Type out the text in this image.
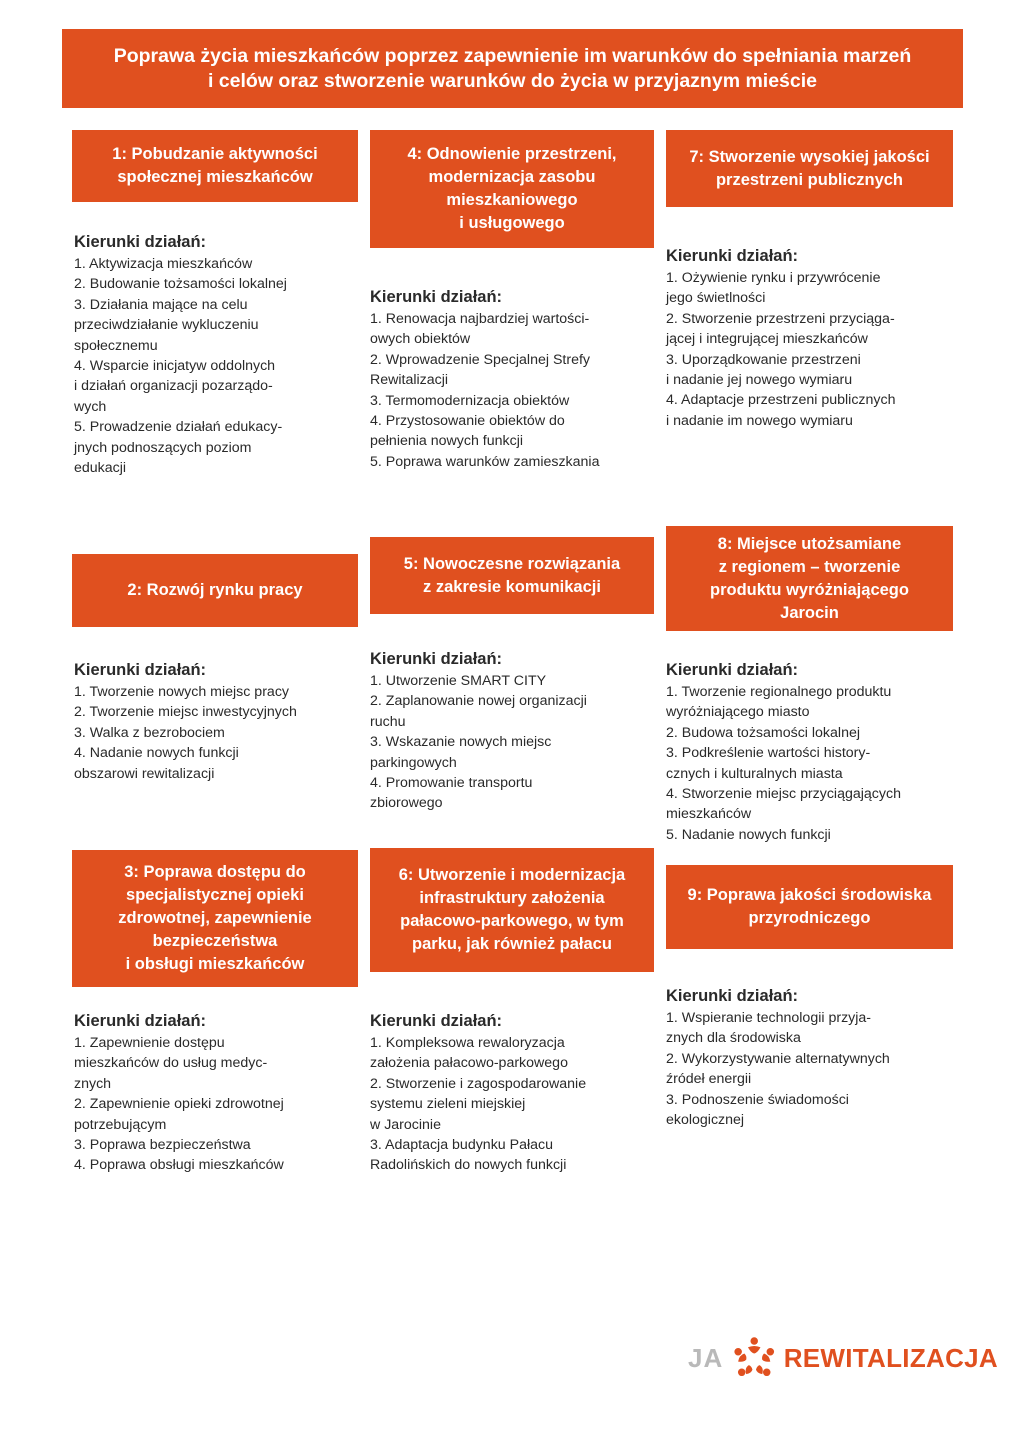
Poprawa życia mieszkańców poprzez zapewnienie im warunków do spełniania marzeń
i celów oraz stworzenie warunków do życia w przyjaznym mieście
1: Pobudzanie aktywności
społecznej mieszkańców
Kierunki działań:
1. Aktywizacja mieszkańców
2. Budowanie tożsamości lokalnej
3. Działania mające na celu
przeciwdziałanie wykluczeniu
społecznemu
4. Wsparcie inicjatyw oddolnych
i działań organizacji pozarządo-
wych
5. Prowadzenie działań edukacy-
jnych podnoszących poziom
edukacji
2: Rozwój rynku pracy
Kierunki działań:
1. Tworzenie nowych miejsc pracy
2. Tworzenie miejsc inwestycyjnych
3. Walka z bezrobociem
4. Nadanie nowych funkcji
obszarowi rewitalizacji
3: Poprawa dostępu do
specjalistycznej opieki
zdrowotnej, zapewnienie
bezpieczeństwa
i obsługi mieszkańców
Kierunki działań:
1. Zapewnienie dostępu
mieszkańców do usług medyc-
znych
2. Zapewnienie opieki zdrowotnej
potrzebującym
3. Poprawa bezpieczeństwa
4. Poprawa obsługi mieszkańców
4: Odnowienie przestrzeni,
modernizacja zasobu
mieszkaniowego
i usługowego
Kierunki działań:
1. Renowacja najbardziej wartości-
owych obiektów
2. Wprowadzenie Specjalnej Strefy
Rewitalizacji
3. Termomodernizacja obiektów
4. Przystosowanie obiektów do
pełnienia nowych funkcji
5. Poprawa warunków zamieszkania
5: Nowoczesne rozwiązania
z zakresie komunikacji
Kierunki działań:
1. Utworzenie SMART CITY
2. Zaplanowanie nowej organizacji
ruchu
3. Wskazanie nowych miejsc
parkingowych
4. Promowanie transportu
zbiorowego
6: Utworzenie i modernizacja
infrastruktury założenia
pałacowo-parkowego, w tym
parku, jak również pałacu
Kierunki działań:
1. Kompleksowa rewaloryzacja
założenia pałacowo-parkowego
2. Stworzenie i zagospodarowanie
systemu zieleni miejskiej
w Jarocinie
3. Adaptacja budynku Pałacu
Radolińskich do nowych funkcji
7: Stworzenie wysokiej jakości
przestrzeni publicznych
Kierunki działań:
1. Ożywienie rynku i przywrócenie
jego świetlności
2. Stworzenie przestrzeni przyciąga-
jącej i integrującej mieszkańców
3. Uporządkowanie przestrzeni
i nadanie jej nowego wymiaru
4. Adaptacje przestrzeni publicznych
i nadanie im nowego wymiaru
8: Miejsce utożsamiane
z regionem – tworzenie
produktu wyróżniającego
Jarocin
Kierunki działań:
1. Tworzenie regionalnego produktu
wyróżniającego miasto
2. Budowa tożsamości lokalnej
3. Podkreślenie wartości history-
cznych i kulturalnych miasta
4. Stworzenie miejsc przyciągających
mieszkańców
5. Nadanie nowych funkcji
9: Poprawa jakości środowiska
przyrodniczego
Kierunki działań:
1. Wspieranie technologii przyja-
znych dla środowiska
2. Wykorzystywanie alternatywnych
źródeł energii
3. Podnoszenie świadomości
ekologicznej
JA REWITALIZACJA
